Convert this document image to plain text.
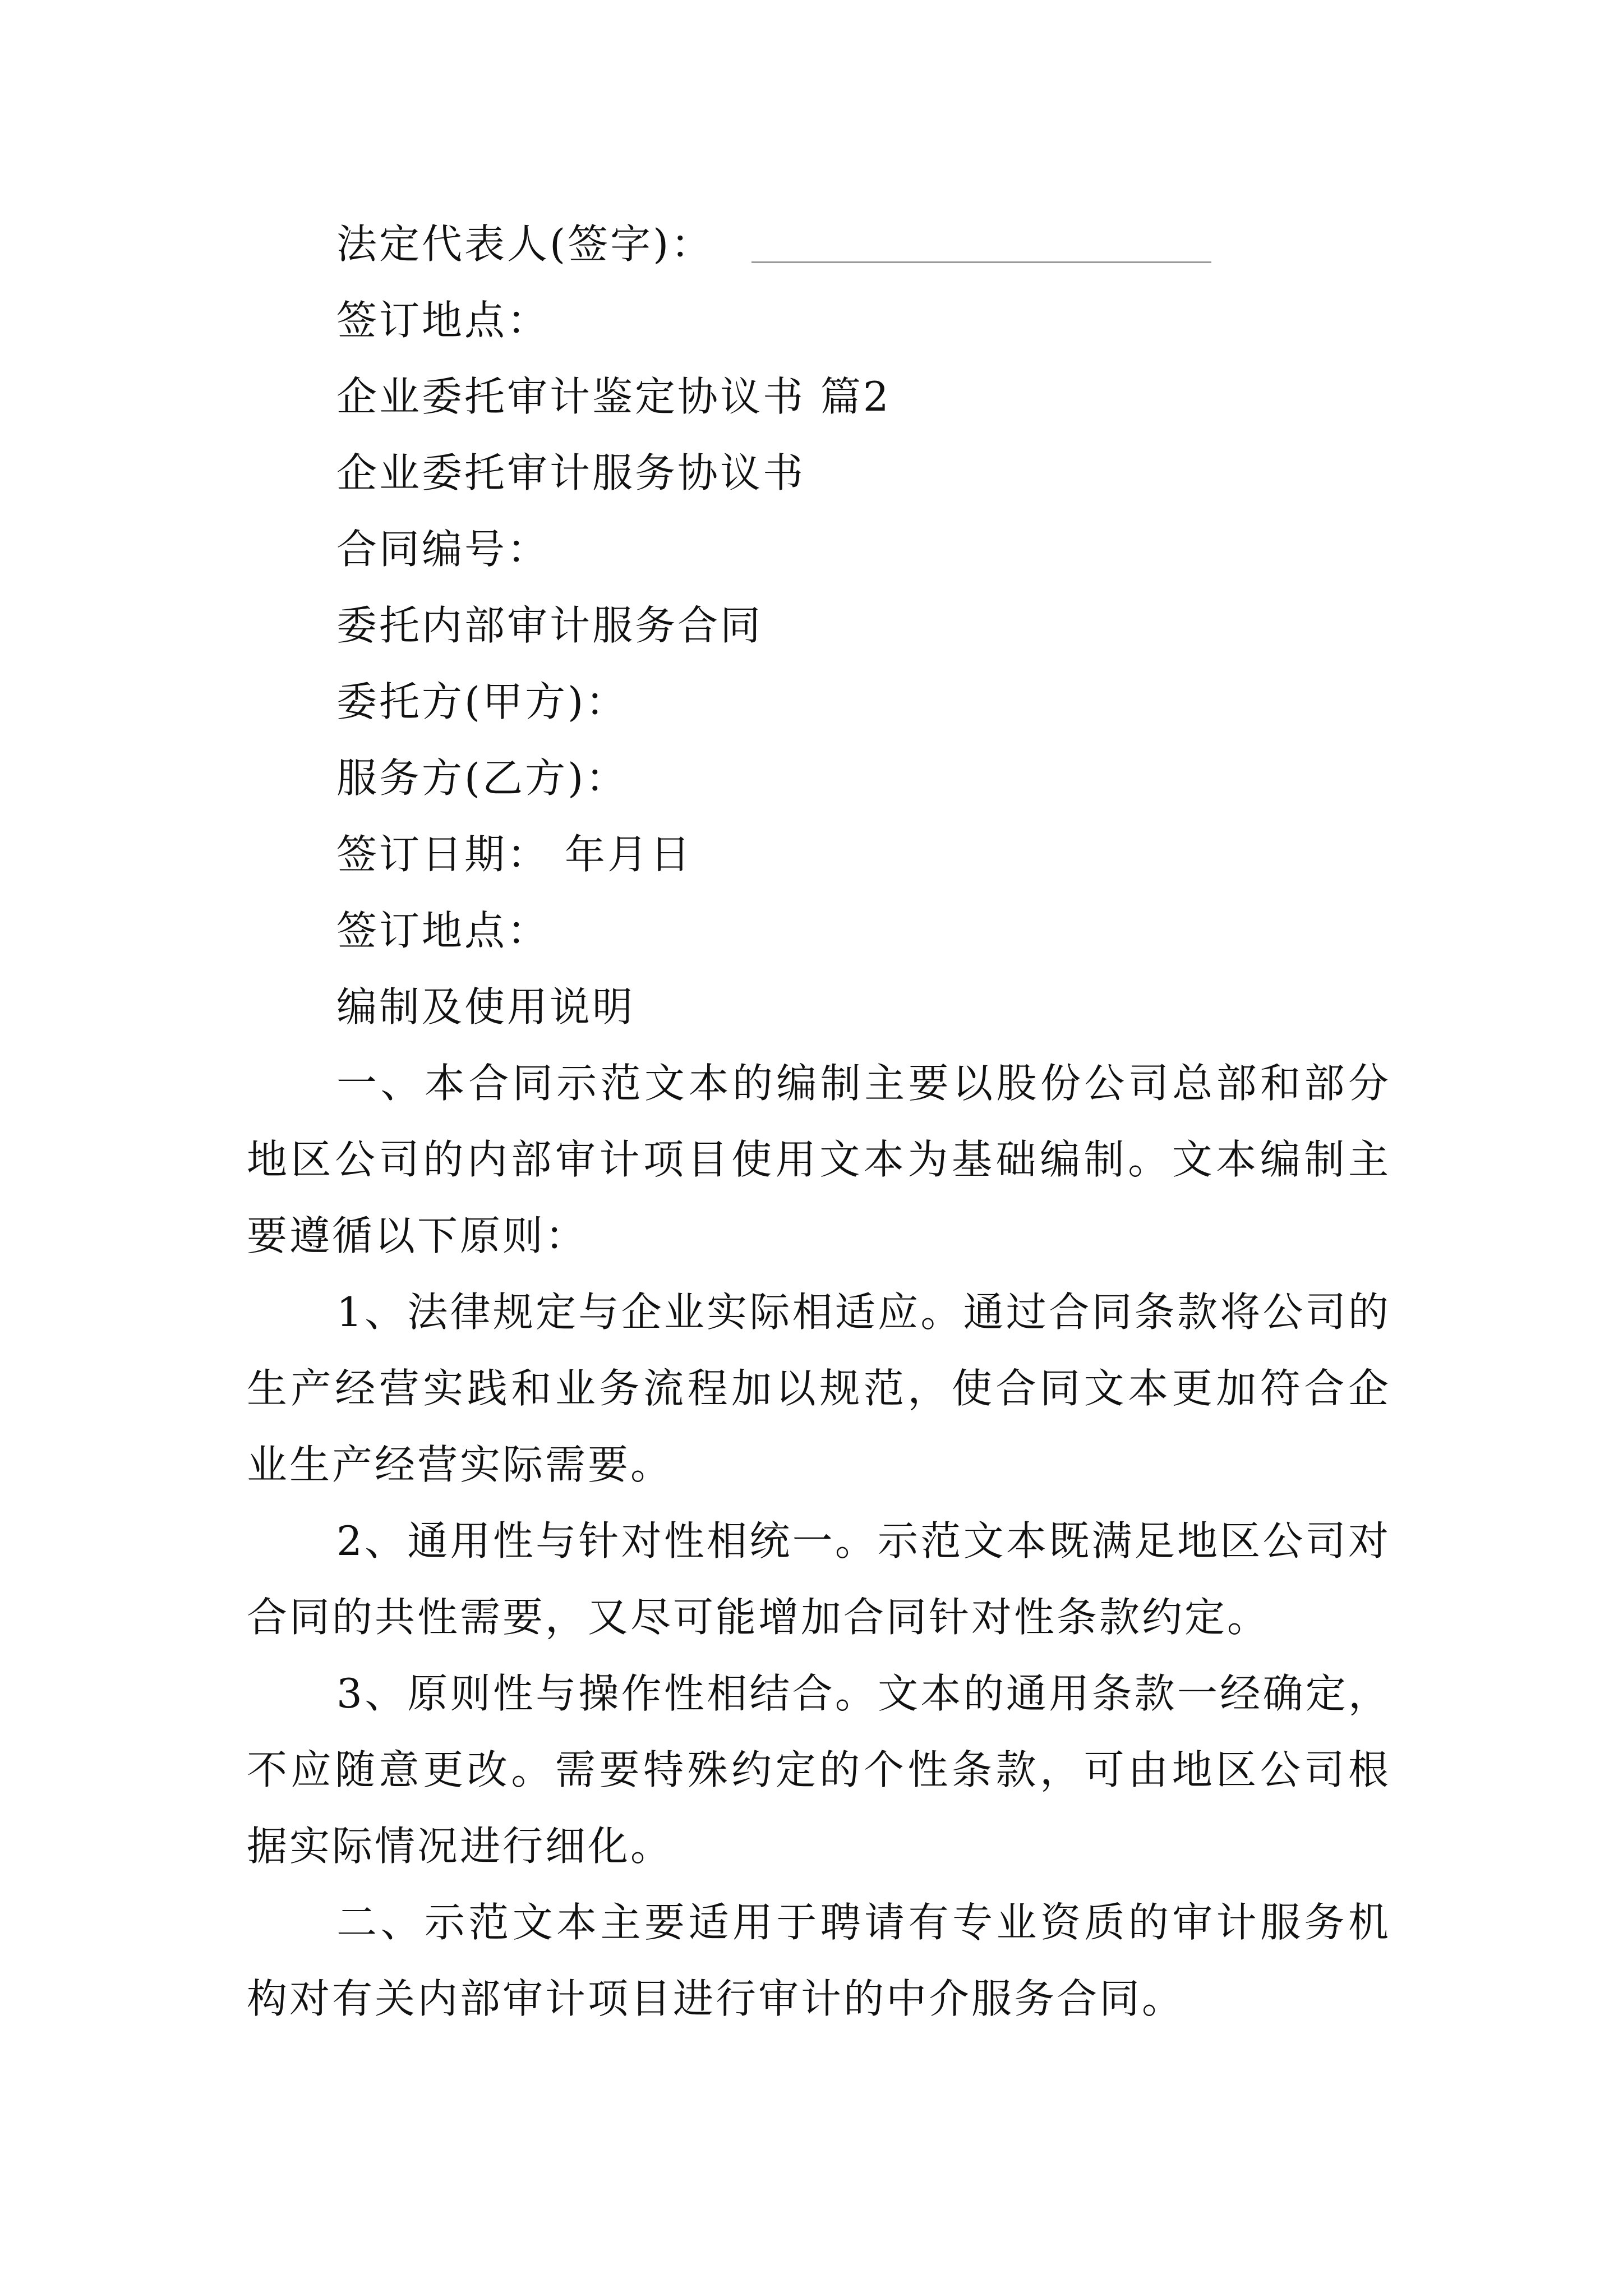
法定代表人(签字)：
签订地点：
企业委托审计鉴定协议书 篇2
企业委托审计服务协议书
合同编号：
委托内部审计服务合同
委托方(甲方)：
服务方(乙方)：
签订日期： 年月日
签订地点：
编制及使用说明

一、本合同示范文本的编制主要以股份公司总部和部分地区公司的内部审计项目使用文本为基础编制。文本编制主要遵循以下原则：

1、法律规定与企业实际相适应。通过合同条款将公司的生产经营实践和业务流程加以规范，使合同文本更加符合企业生产经营实际需要。

2、通用性与针对性相统一。示范文本既满足地区公司对合同的共性需要，又尽可能增加合同针对性条款约定。

3、原则性与操作性相结合。文本的通用条款一经确定，不应随意更改。需要特殊约定的个性条款，可由地区公司根据实际情况进行细化。

二、示范文本主要适用于聘请有专业资质的审计服务机构对有关内部审计项目进行审计的中介服务合同。
